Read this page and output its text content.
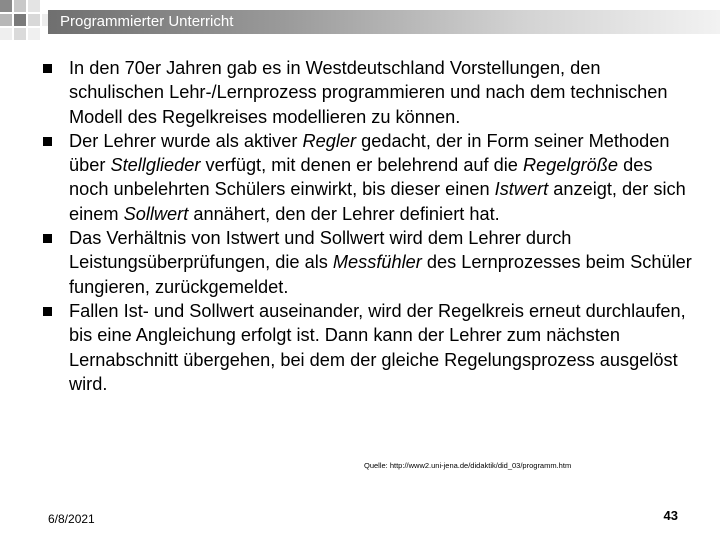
Programmierter Unterricht
In den 70er Jahren gab es in Westdeutschland Vorstellungen, den schulischen Lehr-/Lernprozess programmieren und nach dem technischen Modell des Regelkreises modellieren zu können.
Der Lehrer wurde als aktiver Regler gedacht, der in Form seiner Methoden über Stellglieder verfügt, mit denen er belehrend auf die Regelgröße des noch unbelehrten Schülers einwirkt, bis dieser einen Istwert anzeigt, der sich einem Sollwert annähert, den der Lehrer definiert hat.
Das Verhältnis von Istwert und Sollwert wird dem Lehrer durch Leistungsüberprüfungen, die als Messfühler des Lernprozesses beim Schüler fungieren, zurückgemeldet.
Fallen Ist- und Sollwert auseinander, wird der Regelkreis erneut durchlaufen, bis eine Angleichung erfolgt ist. Dann kann der Lehrer zum nächsten Lernabschnitt übergehen, bei dem der gleiche Regelungsprozess ausgelöst wird.
Quelle: http://www2.uni-jena.de/didaktik/did_03/programm.htm
6/8/2021	43
